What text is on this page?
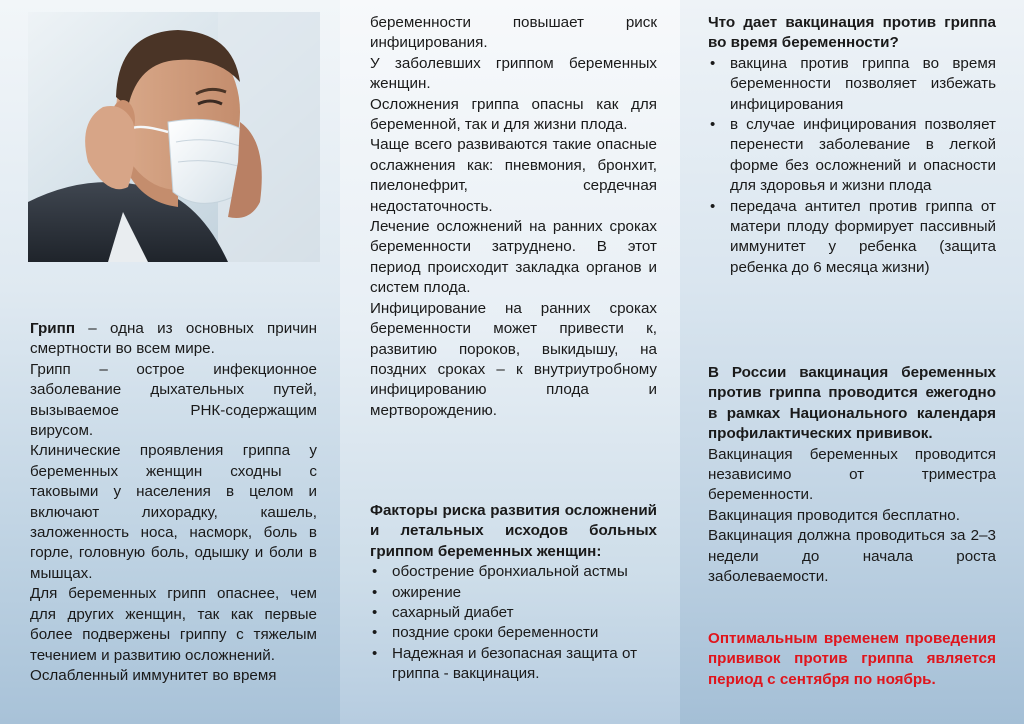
Грипп – одна из основных причин смертности во всем мире.

Грипп – острое инфекционное заболевание дыхательных путей, вызываемое РНК-содержащим вирусом.

Клинические проявления гриппа у беременных женщин сходны с таковыми у населения в целом и включают лихорадку, кашель, заложенность носа, насморк, боль в горле, головную боль, одышку и боли в мышцах.

Для беременных грипп опаснее, чем для других женщин, так как первые более подвержены гриппу с тяжелым течением и развитию осложнений.

Ослабленный иммунитет во время

беременности повышает риск инфицирования.

У заболевших гриппом беременных женщин.

Осложнения гриппа опасны как для беременной, так и для жизни плода.

Чаще всего развиваются такие опасные ослажнения как: пневмония, бронхит, пиелонефрит, сердечная недостаточность.

Лечение осложнений на ранних сроках беременности затруднено. В этот период происходит закладка органов и систем плода.

Инфицирование на ранних сроках беременности может привести к, развитию пороков, выкидышу, на поздних сроках – к внутриутробному инфицированию плода и мертворождению.

Факторы риска развития осложнений и летальных исходов больных гриппом беременных женщин:

• обострение бронхиальной астмы
• ожирение
• сахарный диабет
• поздние сроки беременности
• Надежная и безопасная защита от гриппа - вакцинация.

Что дает вакцинация против гриппа во время беременности?

• вакцина против гриппа во время беременности позволяет избежать инфицирования
• в случае инфицирования позволяет перенести заболевание в легкой форме без осложнений и опасности для здоровья и жизни плода
• передача антител против гриппа от матери плоду формирует пассивный иммунитет у ребенка (защита ребенка до 6 месяца жизни)

В России вакцинация беременных против гриппа проводится ежегодно в рамках Национального календаря профилактических прививок.

Вакцинация беременных проводится независимо от триместра беременности.

Вакцинация проводится бесплатно.

Вакцинация должна проводиться за 2–3 недели до начала роста заболеваемости.

Оптимальным временем проведения прививок против гриппа является период с сентября по ноябрь.
